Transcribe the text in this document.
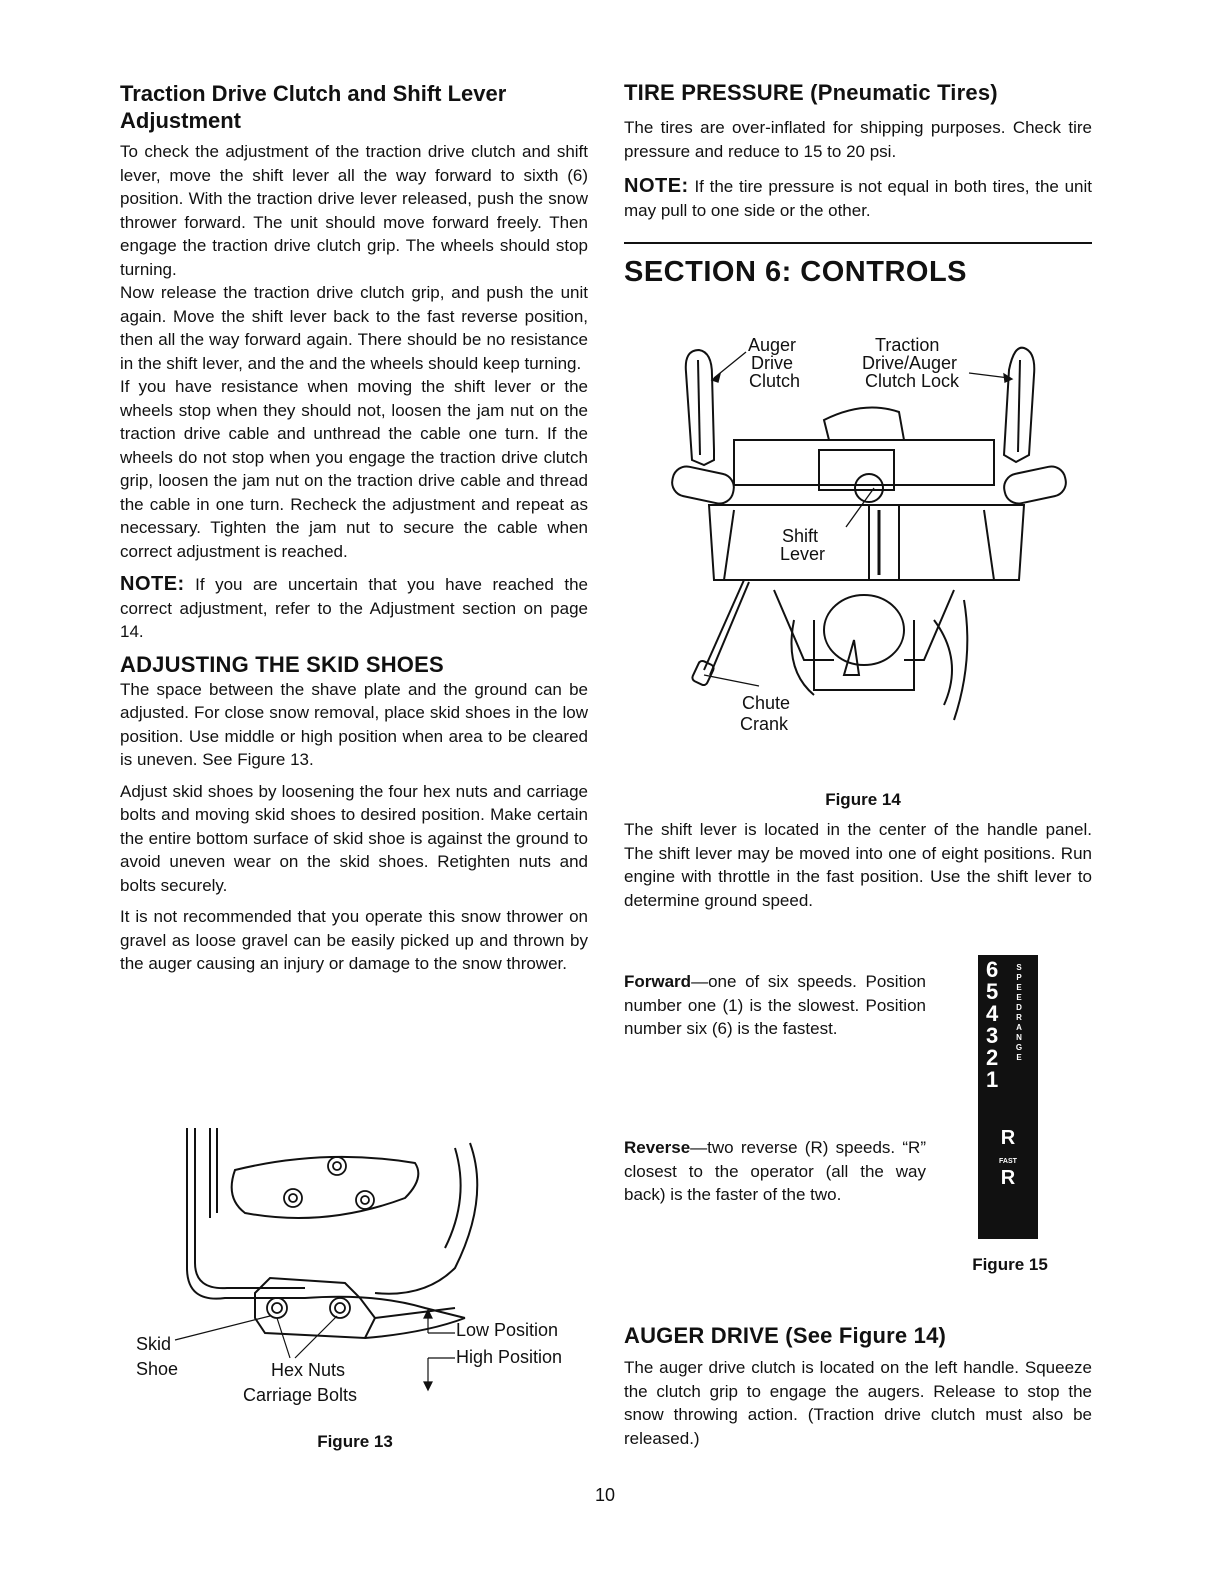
Traction Drive Clutch and Shift Lever
Adjustment

To check the adjustment of the traction drive clutch and shift lever, move the shift lever all the way forward to sixth (6) position. With the traction drive lever released, push the snow thrower forward. The unit should move forward freely. Then engage the traction drive clutch grip. The wheels should stop turning.

Now release the traction drive clutch grip, and push the unit again. Move the shift lever back to the fast reverse position, then all the way forward again. There should be no resistance in the shift lever, and the and the wheels should keep turning.

If you have resistance when moving the shift lever or the wheels stop when they should not, loosen the jam nut on the traction drive cable and unthread the cable one turn. If the wheels do not stop when you engage the traction drive clutch grip, loosen the jam nut on the traction drive cable and thread the cable in one turn. Recheck the adjustment and repeat as necessary. Tighten the jam nut to secure the cable when correct adjustment is reached.

NOTE: If you are uncertain that you have reached the correct adjustment, refer to the Adjustment section on page 14.

ADJUSTING THE SKID SHOES

The space between the shave plate and the ground can be adjusted. For close snow removal, place skid shoes in the low position. Use middle or high position when area to be cleared is uneven. See Figure 13.

Adjust skid shoes by loosening the four hex nuts and carriage bolts and moving skid shoes to desired position. Make certain the entire bottom surface of skid shoe is against the ground to avoid uneven wear on the skid shoes. Retighten nuts and bolts securely.

It is not recommended that you operate this snow thrower on gravel as loose gravel can be easily picked up and thrown by the auger causing an injury or damage to the snow thrower.

Skid
Shoe	Hex Nuts
Carriage Bolts
Low Position
High Position
Figure 13
TIRE PRESSURE (Pneumatic Tires)

The tires are over-inflated for shipping purposes. Check tire pressure and reduce to 15 to 20 psi.

NOTE: If the tire pressure is not equal in both tires, the unit may pull to one side or the other.

SECTION 6: CONTROLS
Auger
Drive
Clutch
Traction
Drive/Auger
Clutch Lock
Shift
Lever
Chute
Crank
Figure 14

The shift lever is located in the center of the handle panel. The shift lever may be moved into one of eight positions. Run engine with throttle in the fast position. Use the shift lever to determine ground speed.

Forward—one of six speeds. Position number one (1) is the slowest. Position number six (6) is the fastest.

Reverse—two reverse (R) speeds. “R” closest to the operator (all the way back) is the faster of the two.

6
5
4
3
2
1
SPEED RANGE
R
FAST
R
Figure 15
AUGER DRIVE (See Figure 14)

The auger drive clutch is located on the left handle. Squeeze the clutch grip to engage the augers. Release to stop the snow throwing action. (Traction drive clutch must also be released.)

10
